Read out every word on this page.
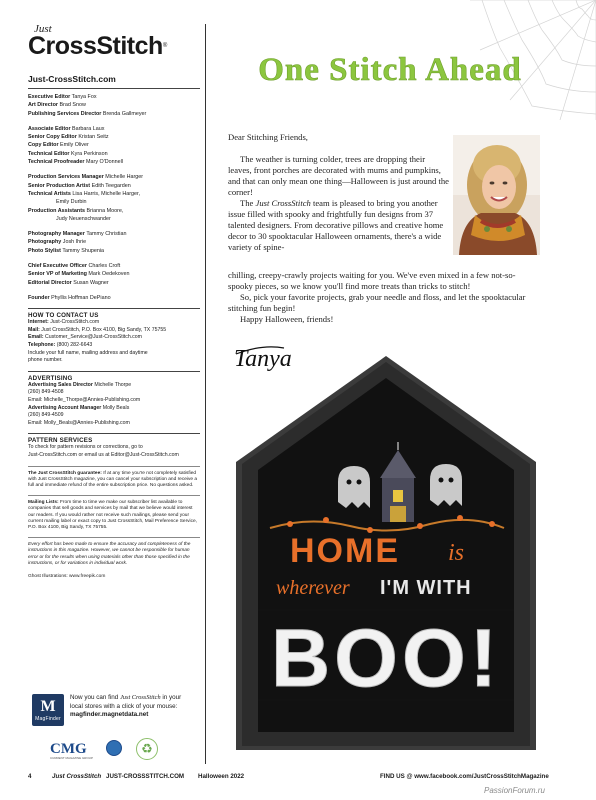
Just
CrossStitch®
Just-CrossStitch.com
Executive Editor Tanya Fox
Art Director Brad Snow
Publishing Services Director Brenda Gallmeyer
Associate Editor Barbara Laux
Senior Copy Editor Kristan Seitz
Copy Editor Emily Oliver
Technical Editor Kyra Perkinson
Technical Proofreader Mary O'Donnell
Production Services Manager Michelle Harger
Senior Production Artist Edith Teegarden
Technical Artists Lisa Harris, Michelle Harger,
Emily Durbin
Production Assistants Brianna Moore,
Judy Neuenschwander
Photography Manager Tammy Christian
Photography Josh Ihrie
Photo Stylist Tammy Shupenia
Chief Executive Officer Charles Croft
Senior VP of Marketing Mark Oedekoven
Editorial Director Susan Wagner
Founder Phyllis Hoffman DePiano
HOW TO CONTACT US
Internet: Just-CrossStitch.com
Mail: Just CrossStitch, P.O. Box 4100, Big Sandy, TX 75755
Email: Customer_Service@Just-CrossStitch.com
Telephone: (800) 282-6643
Include your full name, mailing address and daytime
phone number.
ADVERTISING
Advertising Sales Director Michelle Thorpe
(260) 849-4508
Email: Michelle_Thorpe@Annies-Publishing.com
Advertising Account Manager Molly Beals
(260) 849-4509
Email: Molly_Beals@Annies-Publishing.com
PATTERN SERVICES
To check for pattern revisions or corrections, go to
Just-CrossStitch.com or email us at Editor@Just-CrossStitch.com
The Just CrossStitch guarantee: If at any time you're not completely satisfied with Just CrossStitch magazine, you can cancel your subscription and receive a full and immediate refund of the entire subscription price. No questions asked.
Mailing Lists: From time to time we make our subscriber list available to companies that sell goods and services by mail that we believe would interest our readers. If you would rather not receive such mailings, please send your current mailing label or exact copy to Just CrossStitch, Mail Preference Service, P.O. Box 4100, Big Sandy, TX 75755.
Every effort has been made to ensure the accuracy and completeness of the instructions in this magazine. However, we cannot be responsible for human error or for the results when using materials other than those specified in the instructions, or for variations in individual work.
Ghost Illustrations: www.freepik.com
M
MagFinder
Now you can find Just CrossStitch in your
local stores with a click of your mouse:
magfinder.magnetdata.net
CMG
CURRENT MAGAZINE GROUP
♻
One Stitch Ahead

Dear Stitching Friends,

The weather is turning colder, trees are dropping their leaves, front porches are decorated with mums and pumpkins, and that can only mean one thing—Halloween is just around the corner!

The Just CrossStitch team is pleased to bring you another issue filled with spooky and frightfully fun designs from 37 talented designers. From decorative pillows and creative home decor to 30 spooktacular Halloween ornaments, there's a wide variety of spine-

chilling, creepy-crawly projects waiting for you. We've even mixed in a few not-so-spooky pieces, so we know you'll find more treats than tricks to stitch!

So, pick your favorite projects, grab your needle and floss, and let the spooktacular stitching fun begin!

Happy Halloween, friends!

Tanya
HOME is
wherever I'M WITH
BOO!
4	Just CrossStitch JUST-CROSSSTITCH.COM Halloween 2022	FIND US @ www.facebook.com/JustCrossStitchMagazine
PassionForum.ru
